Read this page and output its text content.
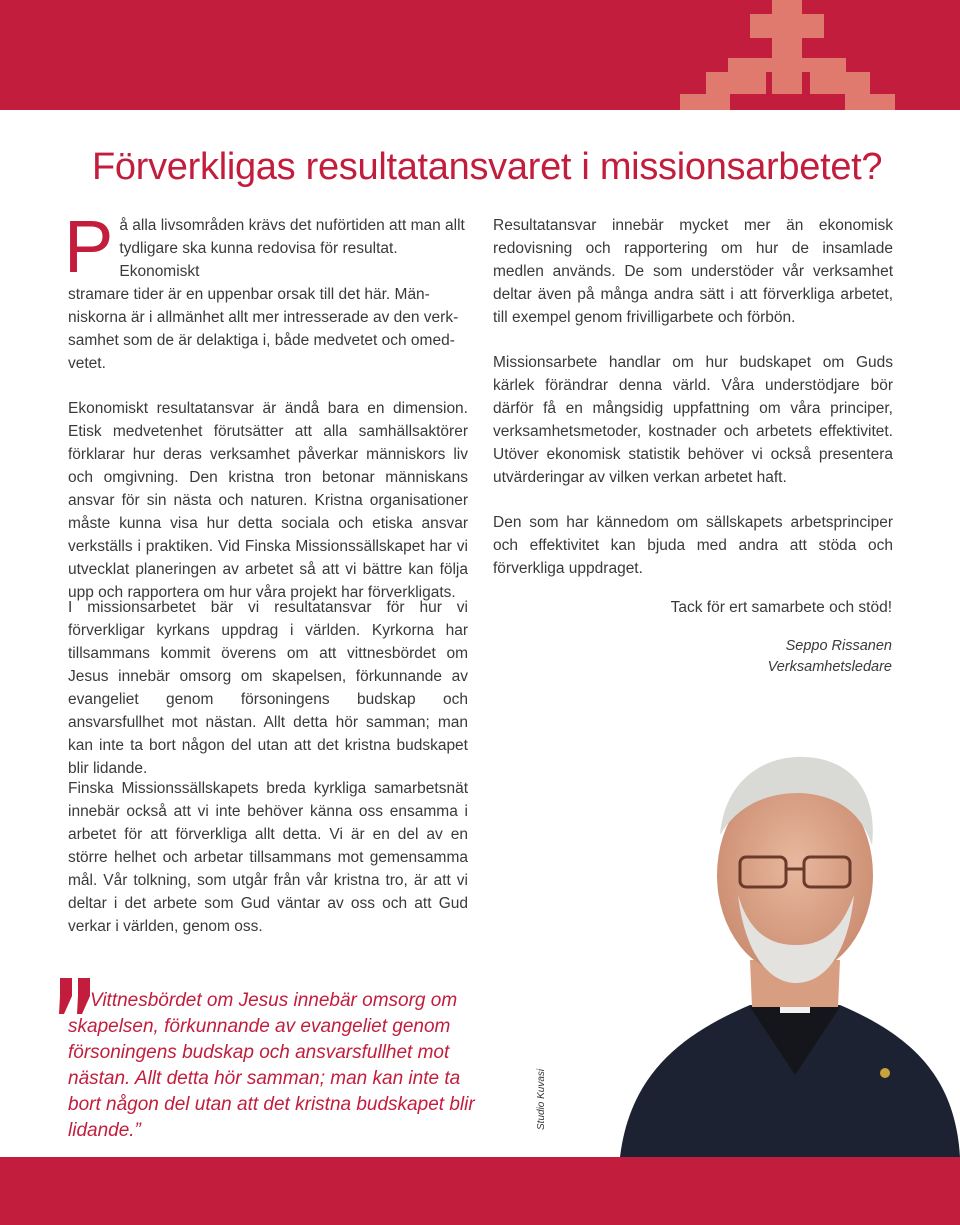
Förverkligas resultatansvaret i missionsarbetet?
P å alla livsområden krävs det nuförtiden att man allt
tydligare ska kunna redovisa för resultat. Ekonomiskt
stramare tider är en uppenbar orsak till det här. Män-
niskorna är i allmänhet allt mer intresserade av den verk-
samhet som de är delaktiga i, både medvetet och omed-
vetet.

Ekonomiskt resultatansvar är ändå bara en dimension. Etisk medvetenhet förutsätter att alla samhällsaktörer förklarar hur deras verksamhet påverkar människors liv och omgivning. Den kristna tron betonar människans ansvar för sin nästa och naturen. Kristna organisationer måste kunna visa hur detta sociala och etiska ansvar verkställs i praktiken. Vid Finska Missionssällskapet har vi utvecklat planeringen av arbetet så att vi bättre kan följa upp och rapportera om hur våra projekt har förverkligats.

Resultatansvar innebär mycket mer än ekonomisk redovisning och rapportering om hur de insamlade medlen används. De som understöder vår verksamhet deltar även på många andra sätt i att förverkliga arbetet, till exempel genom frivilligarbete och förbön.

Missionsarbete handlar om hur budskapet om Guds kärlek förändrar denna värld. Våra understödjare bör därför få en mångsidig uppfattning om våra principer, verksamhetsmetoder, kostnader och arbetets effektivitet. Utöver ekonomisk statistik behöver vi också presentera utvärderingar av vilken verkan arbetet haft.

Den som har kännedom om sällskapets arbetsprinciper och effektivitet kan bjuda med andra att stöda och förverkliga uppdraget.

I missionsarbetet bär vi resultatansvar för hur vi förverkligar kyrkans uppdrag i världen. Kyrkorna har tillsammans kommit överens om att vittnesbördet om Jesus innebär omsorg om skapelsen, förkunnande av evangeliet genom försoningens budskap och ansvarsfullhet mot nästan. Allt detta hör samman; man kan inte ta bort någon del utan att det kristna budskapet blir lidande.

Finska Missionssällskapets breda kyrkliga samarbetsnät innebär också att vi inte behöver känna oss ensamma i arbetet för att förverkliga allt detta. Vi är en del av en större helhet och arbetar tillsammans mot gemensamma mål. Vår tolkning, som utgår från vår kristna tro, är att vi deltar i det arbete som Gud väntar av oss och att Gud verkar i världen, genom oss.

Tack för ert samarbete och stöd!
Seppo Rissanen
Verksamhetsledare
Vittnesbördet om Jesus innebär omsorg om skapelsen, förkunnande av evangeliet genom försoningens budskap och ansvarsfullhet mot nästan. Allt detta hör samman; man kan inte ta bort någon del utan att det kristna budskapet blir lidande.”
Studio Kuvasi
